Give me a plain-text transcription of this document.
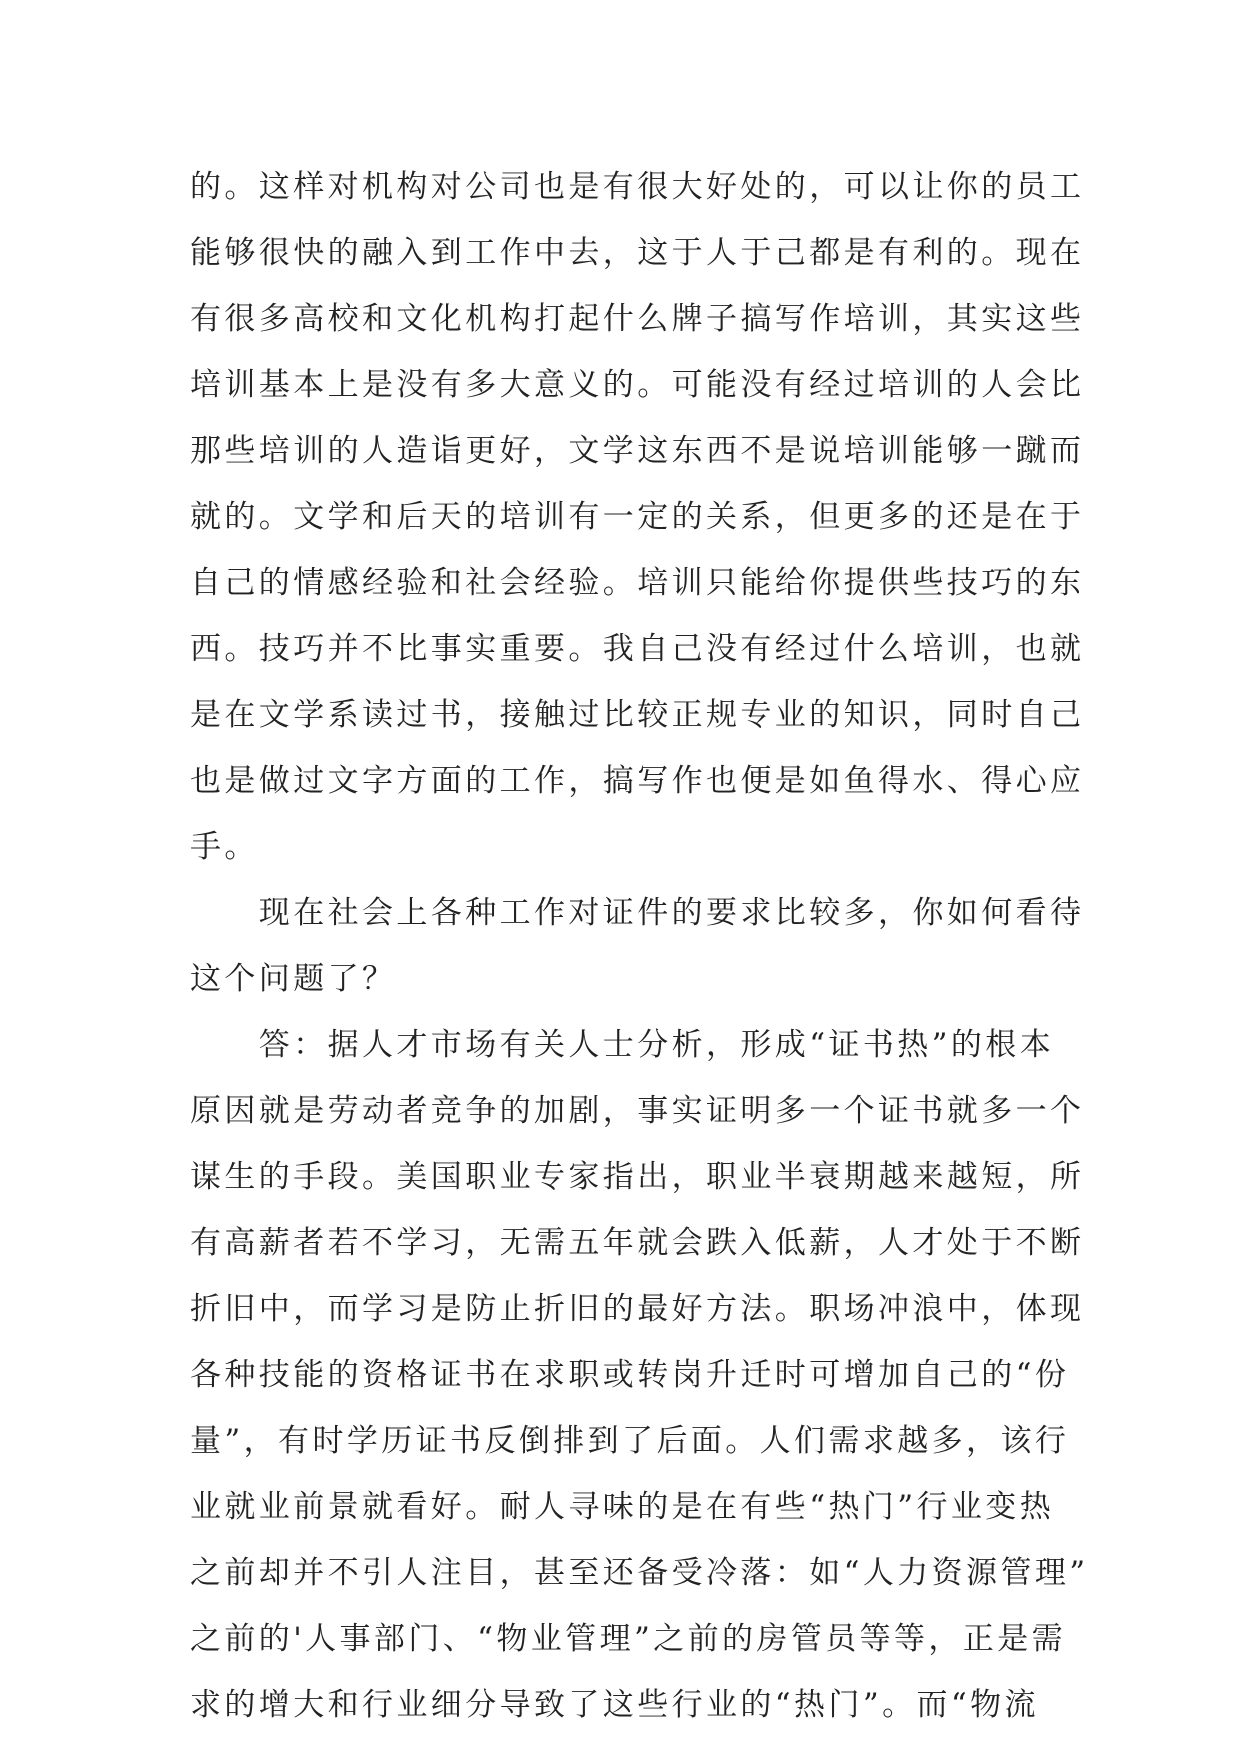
的。这样对机构对公司也是有很大好处的，可以让你的员工
能够很快的融入到工作中去，这于人于己都是有利的。现在
有很多高校和文化机构打起什么牌子搞写作培训，其实这些
培训基本上是没有多大意义的。可能没有经过培训的人会比
那些培训的人造诣更好，文学这东西不是说培训能够一蹴而
就的。文学和后天的培训有一定的关系，但更多的还是在于
自己的情感经验和社会经验。培训只能给你提供些技巧的东
西。技巧并不比事实重要。我自己没有经过什么培训，也就
是在文学系读过书，接触过比较正规专业的知识，同时自己
也是做过文字方面的工作，搞写作也便是如鱼得水、得心应
手。
　　现在社会上各种工作对证件的要求比较多，你如何看待
这个问题了？
　　答：据人才市场有关人士分析，形成“证书热”的根本
原因就是劳动者竞争的加剧，事实证明多一个证书就多一个
谋生的手段。美国职业专家指出，职业半衰期越来越短，所
有高薪者若不学习，无需五年就会跌入低薪，人才处于不断
折旧中，而学习是防止折旧的最好方法。职场冲浪中，体现
各种技能的资格证书在求职或转岗升迁时可增加自己的“份
量”，有时学历证书反倒排到了后面。人们需求越多，该行
业就业前景就看好。耐人寻味的是在有些“热门”行业变热
之前却并不引人注目，甚至还备受冷落：如“人力资源管理”
之前的'人事部门、“物业管理”之前的房管员等等，正是需
求的增大和行业细分导致了这些行业的“热门”。而“物流
